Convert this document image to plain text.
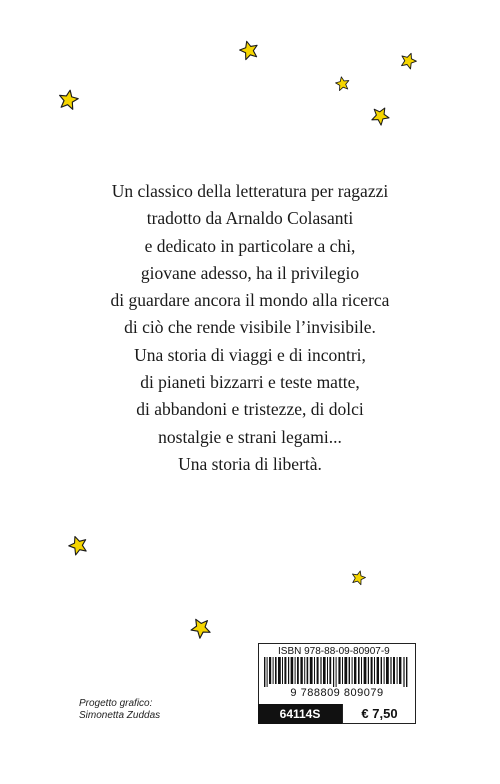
Un classico della letteratura per ragazzi
tradotto da Arnaldo Colasanti
e dedicato in particolare a chi,
giovane adesso, ha il privilegio
di guardare ancora il mondo alla ricerca
di ciò che rende visibile l’invisibile.
Una storia di viaggi e di incontri,
di pianeti bizzarri e teste matte,
di abbandoni e tristezze, di dolci
nostalgie e strani legami...
Una storia di libertà.
Progetto grafico:
Simonetta Zuddas
ISBN 978-88-09-80907-9
9 788809 809079
64114S	€ 7,50
